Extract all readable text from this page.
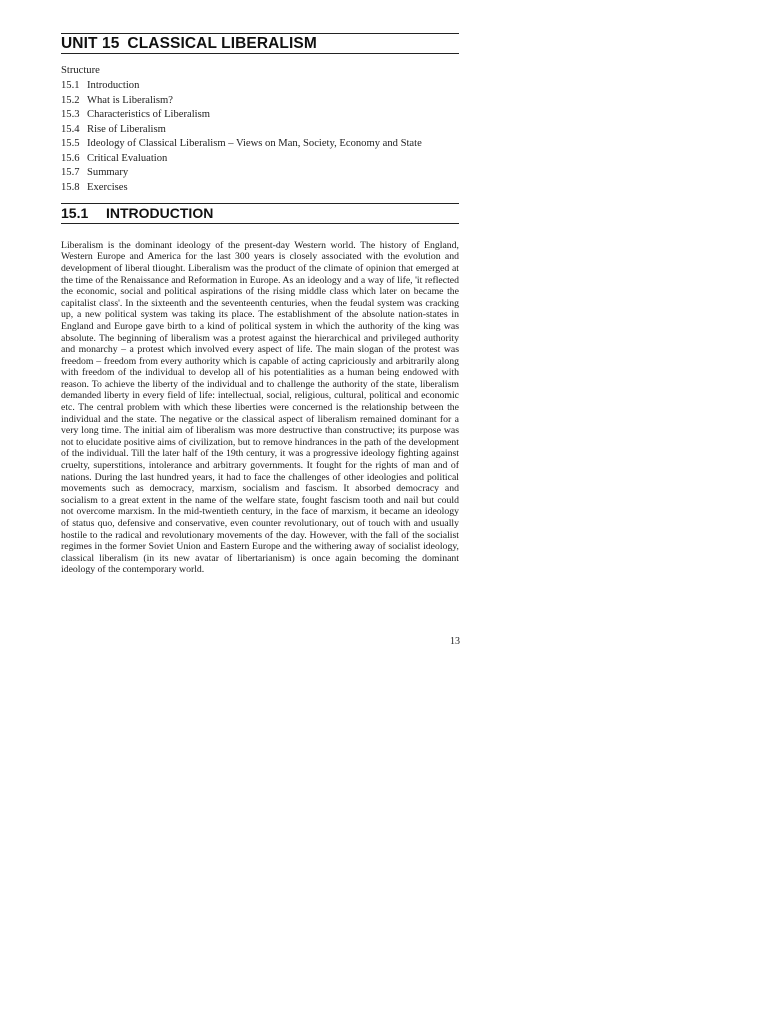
UNIT 15 CLASSICAL LIBERALISM
Structure
15.1 Introduction
15.2 What is Liberalism?
15.3 Characteristics of Liberalism
15.4 Rise of Liberalism
15.5 Ideology of Classical Liberalism – Views on Man, Society, Economy and State
15.6 Critical Evaluation
15.7 Summary
15.8 Exercises
15.1 INTRODUCTION

Liberalism is the dominant ideology of the present-day Western world. The history of England, Western Europe and America for the last 300 years is closely associated with the evolution and development of liberal tliought. Liberalism was the product of the climate of opinion that emerged at the time of the Renaissance and Reformation in Europe. As an ideology and a way of life, 'it reflected the economic, social and political aspirations of the rising middle class which later on became the capitalist class'. In the sixteenth and the seventeenth centuries, when the feudal system was cracking up, a new political system was taking its place. The establishment of the absolute nation-states in England and Europe gave birth to a kind of political system in which the authority of the king was absolute. The beginning of liberalism was a protest against the hierarchical and privileged authority and monarchy – a protest which involved every aspect of life. The main slogan of the protest was freedom – freedom from every authority which is capable of acting capriciously and arbitrarily along with freedom of the individual to develop all of his potentialities as a human being endowed with reason. To achieve the liberty of the individual and to challenge the authority of the state, liberalism demanded liberty in every field of life: intellectual, social, religious, cultural, political and economic etc. The central problem with which these liberties were concerned is the relationship between the individual and the state. The negative or the classical aspect of liberalism remained dominant for a very long time. The initial aim of liberalism was more destructive than constructive; its purpose was not to elucidate positive aims of civilization, but to remove hindrances in the path of the development of the individual. Till the later half of the 19th century, it was a progressive ideology fighting against cruelty, superstitions, intolerance and arbitrary governments. It fought for the rights of man and of nations. During the last hundred years, it had to face the challenges of other ideologies and political movements such as democracy, marxism, socialism and fascism. It absorbed democracy and socialism to a great extent in the name of the welfare state, fought fascism tooth and nail but could not overcome marxism. In the mid-twentieth century, in the face of marxism, it became an ideology of status quo, defensive and conservative, even counter revolutionary, out of touch with and usually hostile to the radical and revolutionary movements of the day. However, with the fall of the socialist regimes in the former Soviet Union and Eastern Europe and the withering away of socialist ideology, classical liberalism (in its new avatar of libertarianism) is once again becoming the dominant ideology of the contemporary world.

13
